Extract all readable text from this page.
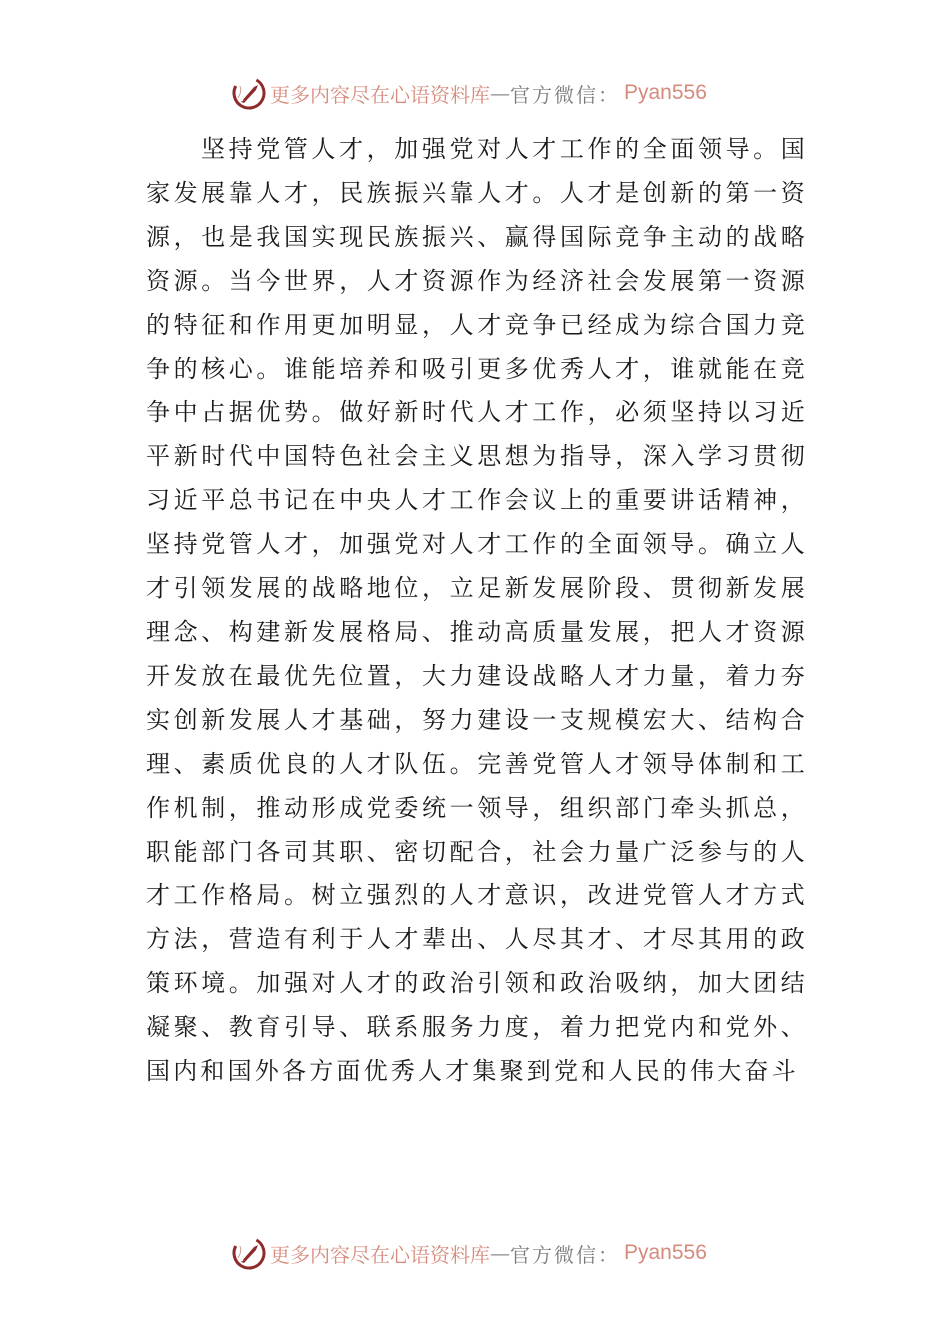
更多内容尽在心语资料库 — 官方微信： Pyan556

坚持党管人才，加强党对人才工作的全面领导。国家发展靠人才，民族振兴靠人才。人才是创新的第一资源，也是我国实现民族振兴、赢得国际竞争主动的战略资源。当今世界，人才资源作为经济社会发展第一资源的特征和作用更加明显，人才竞争已经成为综合国力竞争的核心。谁能培养和吸引更多优秀人才，谁就能在竞争中占据优势。做好新时代人才工作，必须坚持以习近平新时代中国特色社会主义思想为指导，深入学习贯彻习近平总书记在中央人才工作会议上的重要讲话精神，坚持党管人才，加强党对人才工作的全面领导。确立人才引领发展的战略地位，立足新发展阶段、贯彻新发展理念、构建新发展格局、推动高质量发展，把人才资源开发放在最优先位置，大力建设战略人才力量，着力夯实创新发展人才基础，努力建设一支规模宏大、结构合理、素质优良的人才队伍。完善党管人才领导体制和工作机制，推动形成党委统一领导，组织部门牵头抓总，职能部门各司其职、密切配合，社会力量广泛参与的人才工作格局。树立强烈的人才意识，改进党管人才方式方法，营造有利于人才辈出、人尽其才、才尽其用的政策环境。加强对人才的政治引领和政治吸纳，加大团结凝聚、教育引导、联系服务力度，着力把党内和党外、国内和国外各方面优秀人才集聚到党和人民的伟大奋斗

更多内容尽在心语资料库 — 官方微信： Pyan556
